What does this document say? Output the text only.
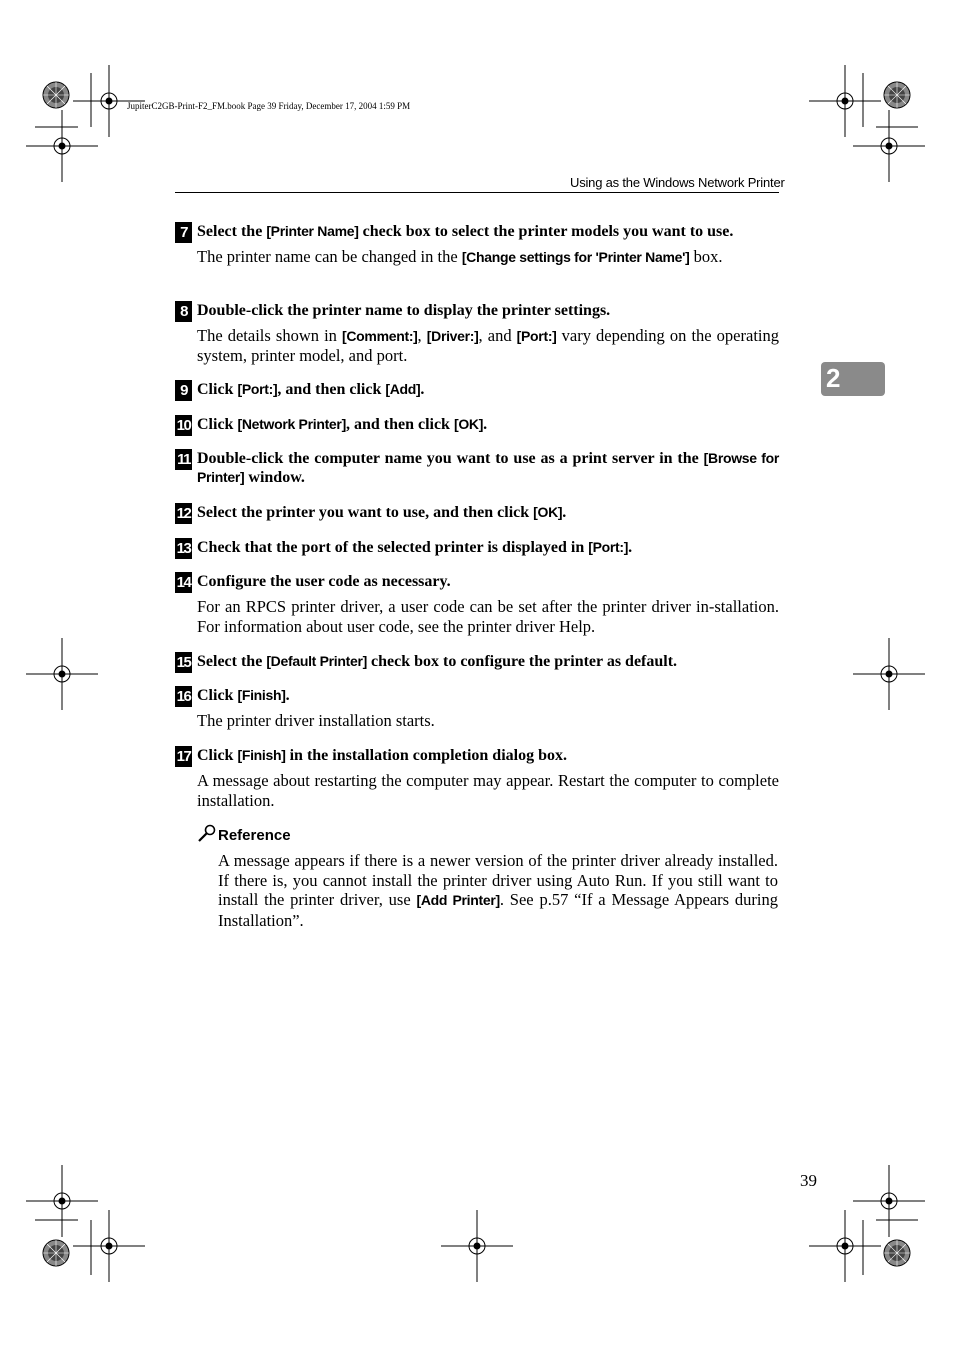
JupiterC2GB-Print-F2_FM.book Page 39 Friday, December 17, 2004 1:59 PM
Using as the Windows Network Printer
2
7 Select the [Printer Name] check box to select the printer models you want to use.
The printer name can be changed in the [Change settings for 'Printer Name'] box.
8 Double-click the printer name to display the printer settings.
The details shown in [Comment:], [Driver:], and [Port:] vary depending on the operating system, printer model, and port.
9 Click [Port:], and then click [Add].
10 Click [Network Printer], and then click [OK].
11 Double-click the computer name you want to use as a print server in the [Browse for Printer] window.
12 Select the printer you want to use, and then click [OK].
13 Check that the port of the selected printer is displayed in [Port:].
14 Configure the user code as necessary.
For an RPCS printer driver, a user code can be set after the printer driver in-stallation. For information about user code, see the printer driver Help.
15 Select the [Default Printer] check box to configure the printer as default.
16 Click [Finish].
The printer driver installation starts.
17 Click [Finish] in the installation completion dialog box.
A message about restarting the computer may appear. Restart the computer to complete installation.
Reference
A message appears if there is a newer version of the printer driver already installed. If there is, you cannot install the printer driver using Auto Run. If you still want to install the printer driver, use [Add Printer]. See p.57 “If a Message Appears during Installation”.
39
